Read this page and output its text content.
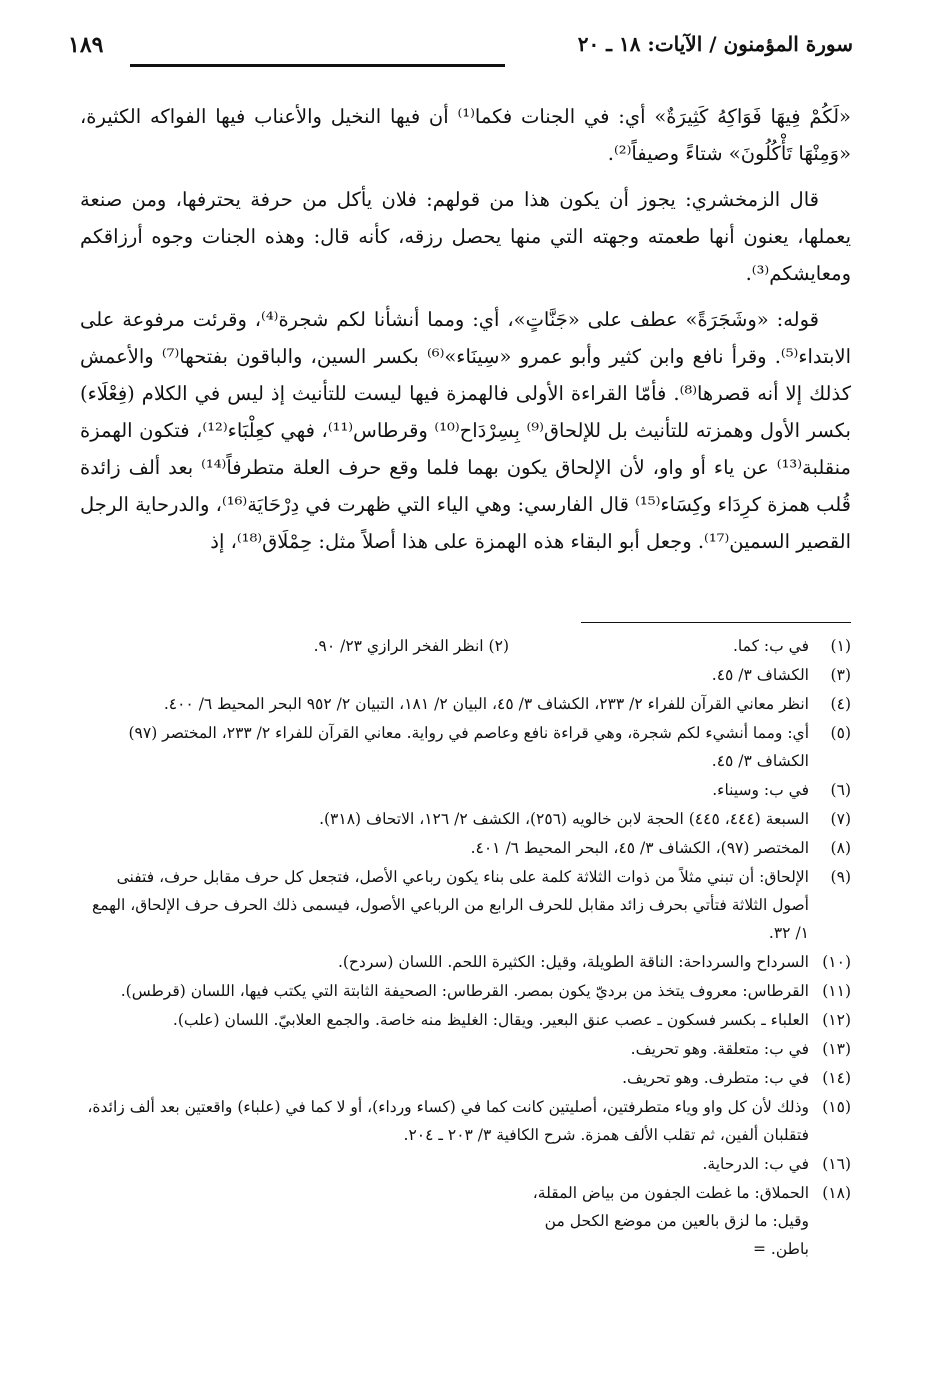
سورة المؤمنون / الآيات: ١٨ ـ ٢٠
١٨٩

«لَكُمْ فِيهَا فَوَاكِهُ كَثِيرَةٌ» أي: في الجنات فكما⁽¹⁾ أن فيها النخيل والأعناب فيها الفواكه الكثيرة، «وَمِنْهَا تَأْكُلُونَ» شتاءً وصيفاً⁽²⁾.

قال الزمخشري: يجوز أن يكون هذا من قولهم: فلان يأكل من حرفة يحترفها، ومن صنعة يعملها، يعنون أنها طعمته وجهته التي منها يحصل رزقه، كأنه قال: وهذه الجنات وجوه أرزاقكم ومعايشكم⁽³⁾.

قوله: «وشَجَرَةً» عطف على «جَنَّاتٍ»، أي: ومما أنشأنا لكم شجرة⁽⁴⁾، وقرئت مرفوعة على الابتداء⁽⁵⁾. وقرأ نافع وابن كثير وأبو عمرو «سِينَاء»⁽⁶⁾ بكسر السين، والباقون بفتحها⁽⁷⁾ والأعمش كذلك إلا أنه قصرها⁽⁸⁾. فأمّا القراءة الأولى فالهمزة فيها ليست للتأنيث إذ ليس في الكلام (فِعْلَاء) بكسر الأول وهمزته للتأنيث بل للإلحاق⁽⁹⁾ بِسِرْدَاح⁽¹⁰⁾ وقرطاس⁽¹¹⁾، فهي كعِلْبَاء⁽¹²⁾، فتكون الهمزة منقلبة⁽¹³⁾ عن ياء أو واو، لأن الإلحاق يكون بهما فلما وقع حرف العلة متطرفاً⁽¹⁴⁾ بعد ألف زائدة قُلب همزة كرِدَاء وكِسَاء⁽¹⁵⁾ قال الفارسي: وهي الياء التي ظهرت في دِرْحَايَة⁽¹⁶⁾، والدرحاية الرجل القصير السمين⁽¹⁷⁾. وجعل أبو البقاء هذه الهمزة على هذا أصلاً مثل: حِمْلَاق⁽¹⁸⁾، إذ

(١)في ب: كما.
(٢) انظر الفخر الرازي ٢٣/ ٩٠.
(٣)الكشاف ٣/ ٤٥.
(٤)انظر معاني القرآن للفراء ٢/ ٢٣٣، الكشاف ٣/ ٤٥، البيان ٢/ ١٨١، التبيان ٢/ ٩٥٢ البحر المحيط ٦/ ٤٠٠.
(٥)أي: ومما أنشيء لكم شجرة، وهي قراءة نافع وعاصم في رواية. معاني القرآن للفراء ٢/ ٢٣٣، المختصر (٩٧) الكشاف ٣/ ٤٥.
(٦)في ب: وسيناء.
(٧)السبعة (٤٤٤، ٤٤٥) الحجة لابن خالويه (٢٥٦)، الكشف ٢/ ١٢٦، الاتحاف (٣١٨).
(٨)المختصر (٩٧)، الكشاف ٣/ ٤٥، البحر المحيط ٦/ ٤٠١.
(٩)الإلحاق: أن تبني مثلاً من ذوات الثلاثة كلمة على بناء يكون رباعي الأصل، فتجعل كل حرف مقابل حرف، فتفنى أصول الثلاثة فتأتي بحرف زائد مقابل للحرف الرابع من الرباعي الأصول، فيسمى ذلك الحرف حرف الإلحاق، الهمع ١/ ٣٢.
(١٠)السرداح والسرداحة: الناقة الطويلة، وقيل: الكثيرة اللحم. اللسان (سردح).
(١١)القرطاس: معروف يتخذ من برديّ يكون بمصر. القرطاس: الصحيفة الثابتة التي يكتب فيها، اللسان (قرطس).
(١٢)العلباء ـ بكسر فسكون ـ عصب عنق البعير. ويقال: الغليظ منه خاصة. والجمع العلابيّ. اللسان (علب).
(١٣)في ب: متعلقة. وهو تحريف.
(١٤)في ب: متطرف. وهو تحريف.
(١٥)وذلك لأن كل واو وياء متطرفتين، أصليتين كانت كما في (كساء ورداء)، أو لا كما في (علباء) واقعتين بعد ألف زائدة، فتقلبان ألفين، ثم تقلب الألف همزة. شرح الكافية ٣/ ٢٠٣ ـ ٢٠٤.
(١٦)في ب: الدرحاية.
(١٨)الحملاق: ما غطت الجفون من بياض المقلة، وقيل: ما لزق بالعين من موضع الكحل من باطن. =
